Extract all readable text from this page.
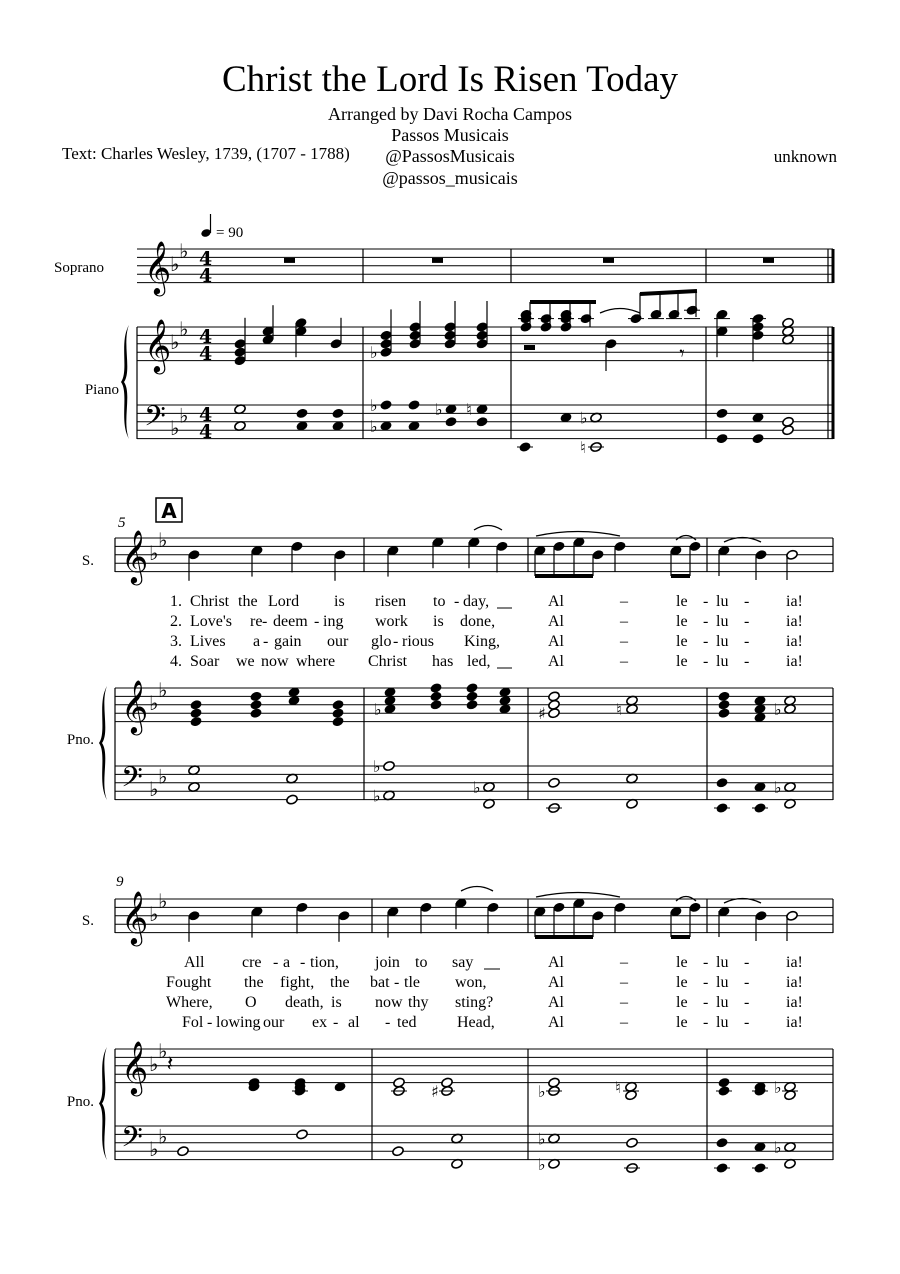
Christ the Lord Is Risen Today
Arranged by Davi Rocha Campos
Passos Musicais
@PassosMusicais
@passos_musicais
Text: Charles Wesley, 1739, (1707 - 1788)	unknown
𝄞
♭
♭ 4
4
𝄞
♭
♭ 4
4
𝄢 ♭
♭ 4
4
Soprano
Piano
= 90
♭	𝄾
♭
♭
♭ ♮	♭
♮
𝄞 ♭
♭
𝄞 ♭
♭
𝄢 ♭
♭
5 A
S.
Pno.
♭	♯	♮	♭
♭
♭	♭	♭
1. Christ the Lord is risen to - day,	Al	–	le - lu - ia!
2. Love's re - deem - ing work is done,	Al	–	le - lu - ia!
3. Lives a - gain our glo - rious King,	Al	–	le - lu - ia!
4. Soar we now where Christ has led,	Al	–	le - lu - ia!
𝄞 ♭
♭
𝄞 ♭
♭
𝄢 ♭
♭
9
S.
Pno.
𝄽
♯	♭	♮	♭
♭
♭
♭
All cre - a - tion, join to say	Al	–	le - lu - ia!
Fought the fight, the bat - tle won,	Al	–	le - lu - ia!
Where, O death, is now thy sting?	Al	–	le - lu - ia!
Fol - lowing our ex - al - ted	Head,	Al	–	le - lu - ia!
